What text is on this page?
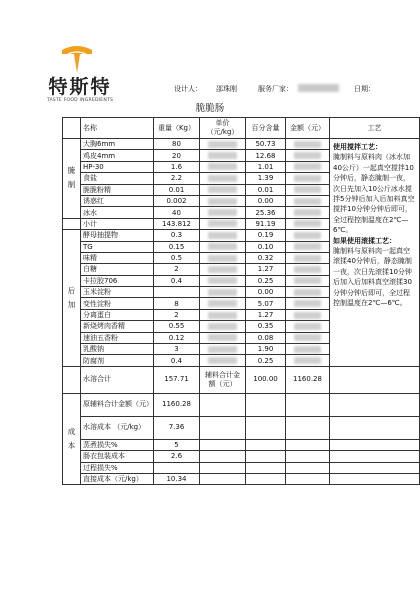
特斯特
TASTE FOOD INGREDIENTS
设计人： 邵珠刚	服务厂家：	日期：
脆脆肠
	名称	重量（Kg）	单价（元/kg）	百分含量	金额（元）	工艺

腌制	大胸6mm	80		50.73		使用搅拌工艺：
腌制料与原料肉（冰水加40公斤）一起真空搅拌10分钟后，静态腌制一夜，次日先加入10公斤冰水搅拌5分钟后加入后加料真空搅拌10分钟分钟后即可，全过程控制温度在2℃—6℃。
如果使用滚揉工艺：
腌制料与原料肉一起真空滚揉40分钟后，静态腌制一夜，次日先滚揉10分钟后加入后加料真空滚揉30分钟分钟后即可，全过程控制温度在2℃—6℃。

	鸡皮4mm	20		12.68		
	HP-30	1.6		1.01		
	食盐	2.2		1.39		
	脆脆粉精	0.01		0.01		
	诱惑红	0.002		0.00		
	冰水	40		25.36		
	小计	143.812		91.19		

后加	酵母抽提物	0.3		0.19		
	TG	0.15		0.10		
	味精	0.5		0.32		
	白糖	2		1.27		
	卡拉胶706	0.4		0.25		
	玉米淀粉			0.00		
	变性淀粉	8		5.07		
	分离蛋白	2		1.27		
	新烧烤肉香精	0.55		0.35		
	速油五香粉	0.12		0.08		
	乳酸钠	3		1.90		
	防腐剂	0.4		0.25		
	水溶合计	157.71	辅料合计金额（元）	100.00	1160.28	

成本	原辅料合计金额（元）	1160.28				
	水溶成本 （元/kg）	7.36				
	蒸煮损失%	5				
	肠衣包装成本	2.6				
	过程损失%					
	直接成本（元/kg）	10.34				
